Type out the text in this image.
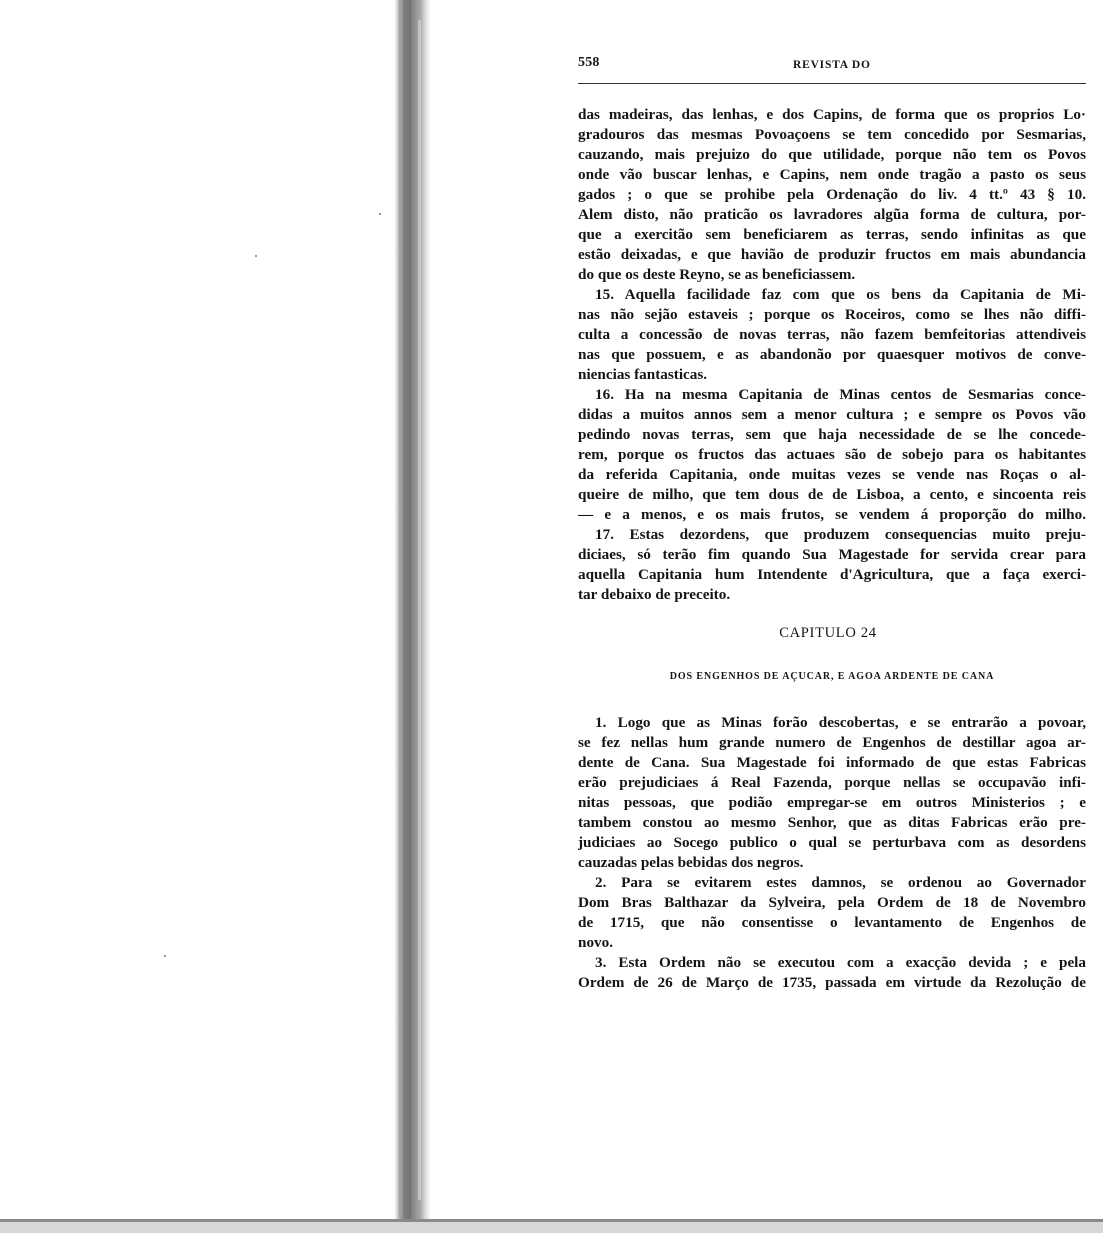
558	REVISTA DO
das madeiras, das lenhas, e dos Capins, de forma que os proprios Lo·
gradouros das mesmas Povoaçoens se tem concedido por Sesmarias,
cauzando, mais prejuizo do que utilidade, porque não tem os Povos
onde vão buscar lenhas, e Capins, nem onde tragão a pasto os seus
gados ; o que se prohibe pela Ordenação do liv. 4 tt.º 43 § 10.
Alem disto, não praticão os lavradores algũa forma de cultura, por-
que a exercitão sem beneficiarem as terras, sendo infinitas as que
estão deixadas, e que havião de produzir fructos em mais abundancia
do que os deste Reyno, se as beneficiassem.
15. Aquella facilidade faz com que os bens da Capitania de Mi-
nas não sejão estaveis ; porque os Roceiros, como se lhes não diffi-
culta a concessão de novas terras, não fazem bemfeitorias attendiveis
nas que possuem, e as abandonão por quaesquer motivos de conve-
niencias fantasticas.
16. Ha na mesma Capitania de Minas centos de Sesmarias conce-
didas a muitos annos sem a menor cultura ; e sempre os Povos vão
pedindo novas terras, sem que haja necessidade de se lhe concede-
rem, porque os fructos das actuaes são de sobejo para os habitantes
da referida Capitania, onde muitas vezes se vende nas Roças o al-
queire de milho, que tem dous de de Lisboa, a cento, e sincoenta reis
— e a menos, e os mais frutos, se vendem á proporção do milho.
17. Estas dezordens, que produzem consequencias muito preju-
diciaes, só terão fim quando Sua Magestade for servida crear para
aquella Capitania hum Intendente d'Agricultura, que a faça exerci-
tar debaixo de preceito.
CAPITULO 24
DOS ENGENHOS DE AÇUCAR, E AGOA ARDENTE DE CANA
1. Logo que as Minas forão descobertas, e se entrarão a povoar,
se fez nellas hum grande numero de Engenhos de destillar agoa ar-
dente de Cana. Sua Magestade foi informado de que estas Fabricas
erão prejudiciaes á Real Fazenda, porque nellas se occupavão infi-
nitas pessoas, que podião empregar-se em outros Ministerios ; e
tambem constou ao mesmo Senhor, que as ditas Fabricas erão pre-
judiciaes ao Socego publico o qual se perturbava com as desordens
cauzadas pelas bebidas dos negros.
2. Para se evitarem estes damnos, se ordenou ao Governador
Dom Bras Balthazar da Sylveira, pela Ordem de 18 de Novembro
de 1715, que não consentisse o levantamento de Engenhos de
novo.
3. Esta Ordem não se executou com a exacção devida ; e pela
Ordem de 26 de Março de 1735, passada em virtude da Rezolução de
